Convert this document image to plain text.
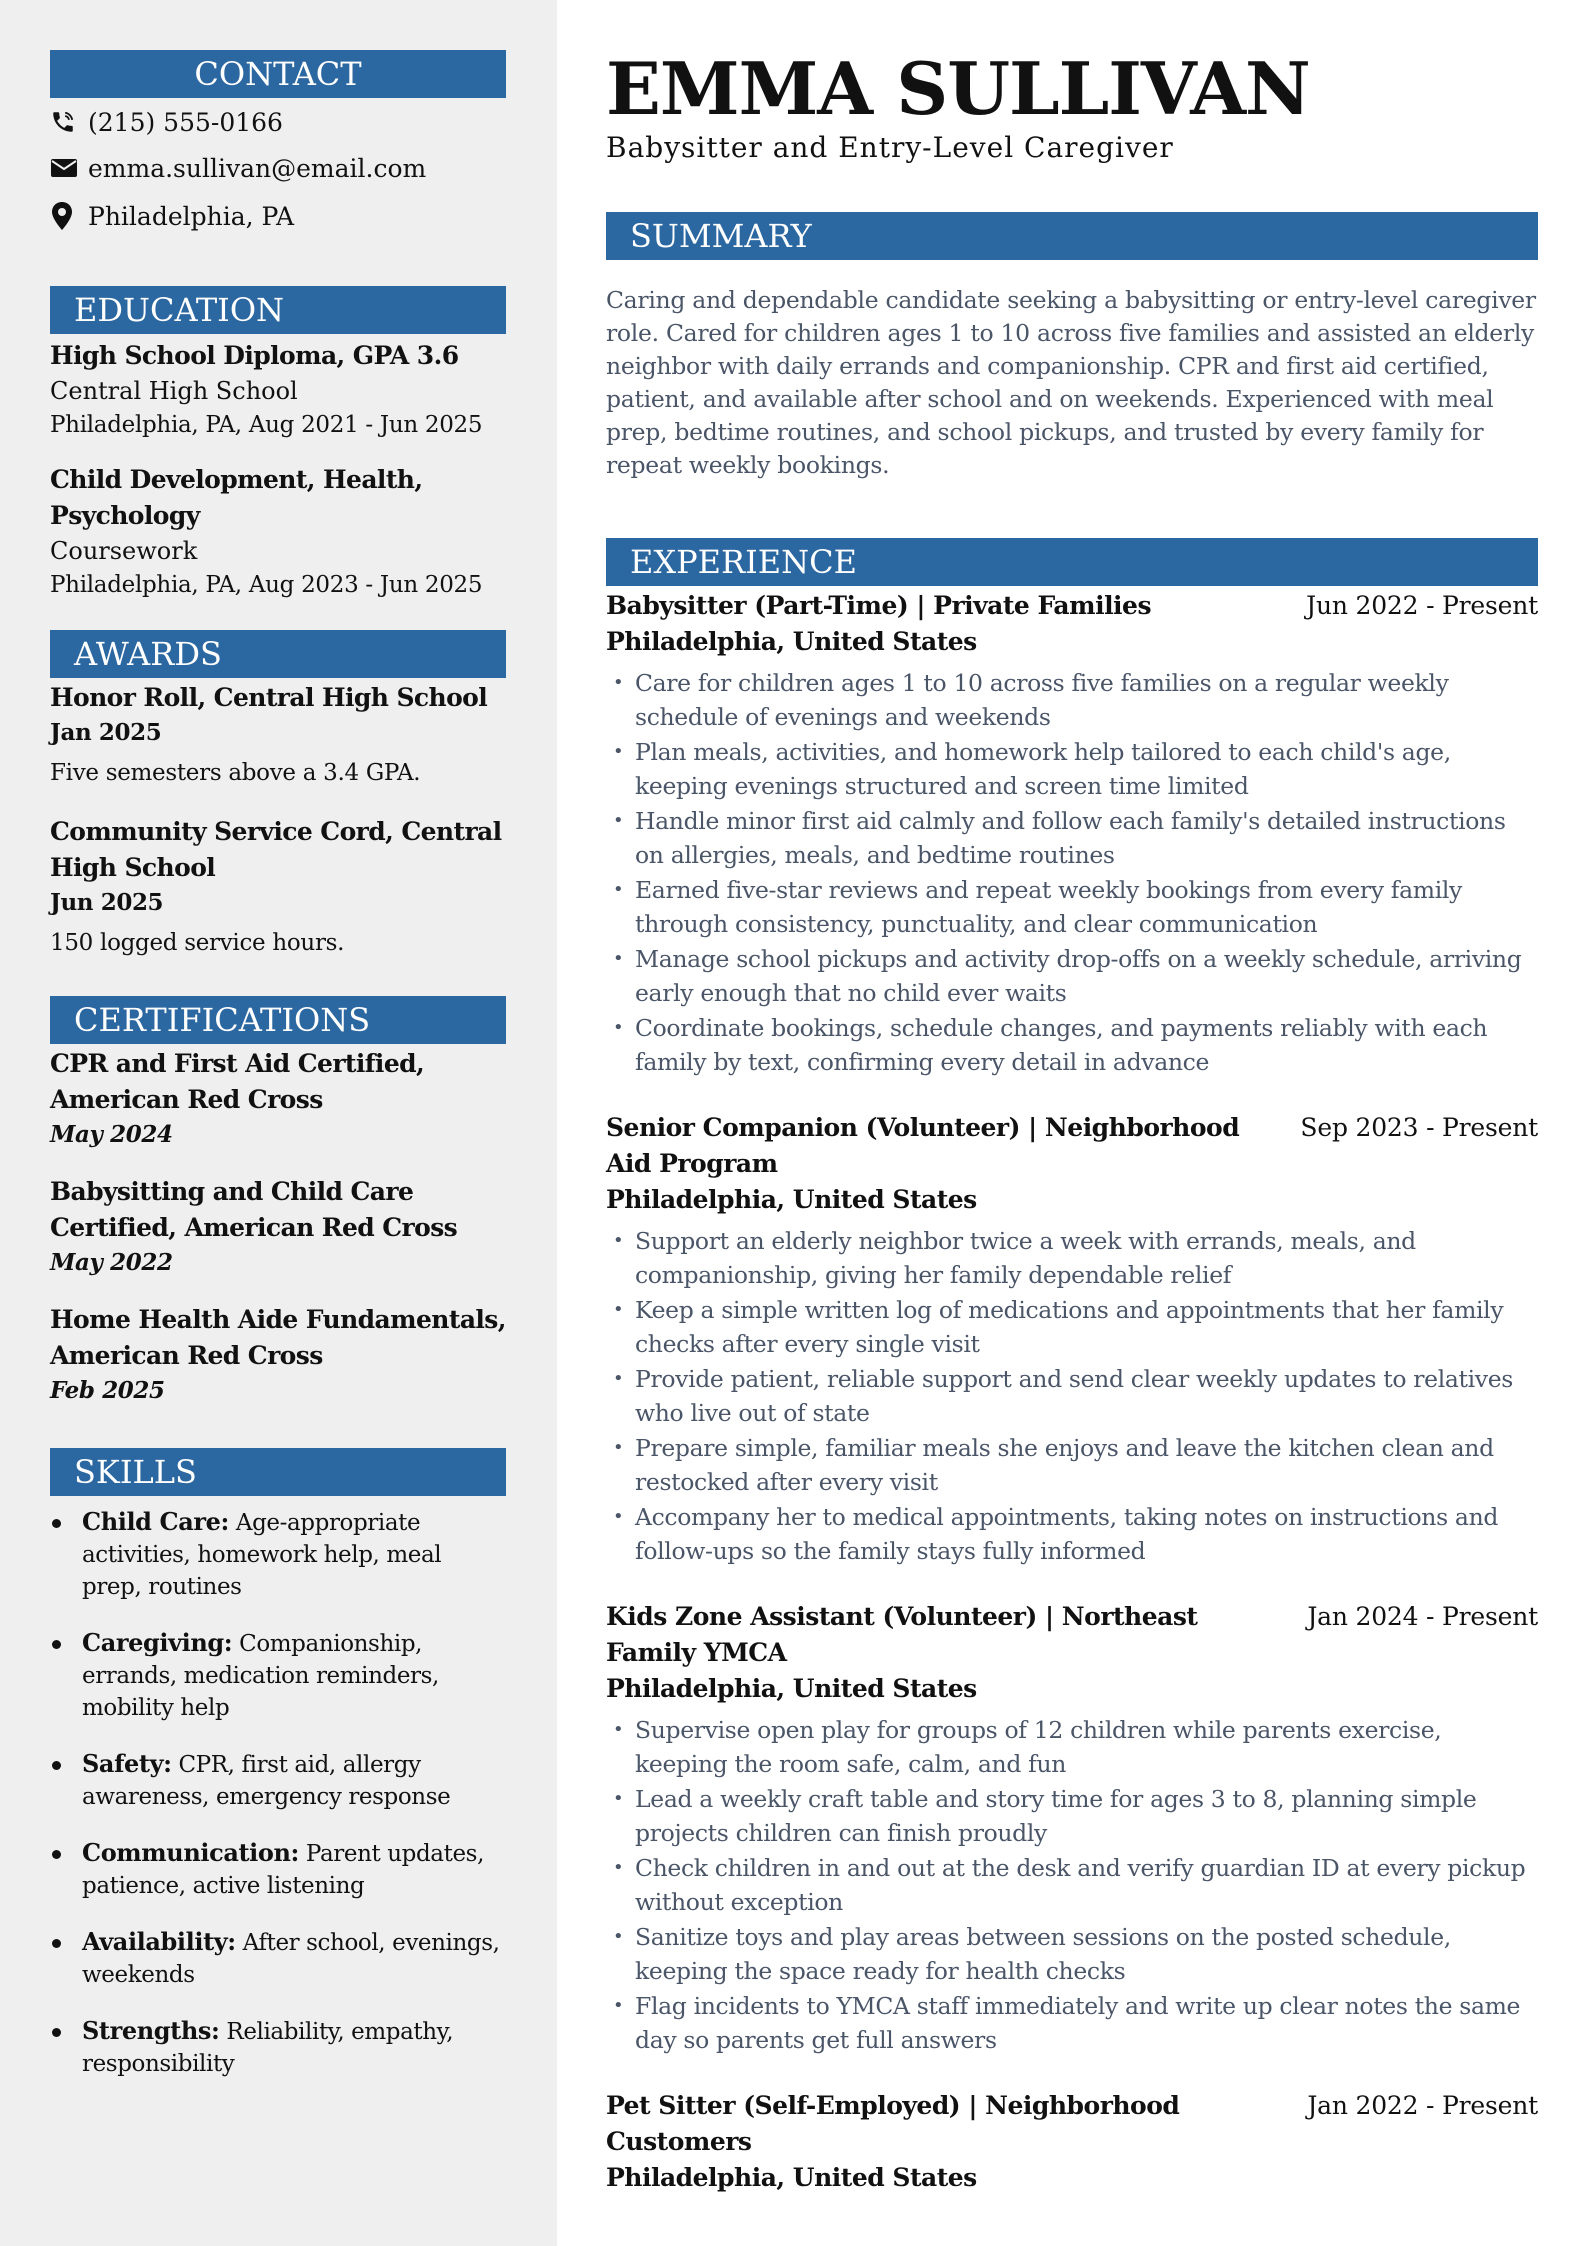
CONTACT
(215) 555-0166
emma.sullivan@email.com
Philadelphia, PA
EDUCATION
High School Diploma, GPA 3.6
Central High School
Philadelphia, PA, Aug 2021 - Jun 2025
Child Development, Health, Psychology
Coursework
Philadelphia, PA, Aug 2023 - Jun 2025
AWARDS
Honor Roll, Central High School
Jan 2025
Five semesters above a 3.4 GPA.
Community Service Cord, Central High School
Jun 2025
150 logged service hours.
CERTIFICATIONS
CPR and First Aid Certified, American Red Cross
May 2024
Babysitting and Child Care Certified, American Red Cross
May 2022
Home Health Aide Fundamentals, American Red Cross
Feb 2025
SKILLS
Child Care: Age-appropriate activities, homework help, meal prep, routines
Caregiving: Companionship, errands, medication reminders, mobility help
Safety: CPR, first aid, allergy awareness, emergency response
Communication: Parent updates, patience, active listening
Availability: After school, evenings, weekends
Strengths: Reliability, empathy, responsibility
EMMA SULLIVAN
Babysitter and Entry-Level Caregiver
SUMMARY
Caring and dependable candidate seeking a babysitting or entry-level caregiver role. Cared for children ages 1 to 10 across five families and assisted an elderly neighbor with daily errands and companionship. CPR and first aid certified, patient, and available after school and on weekends. Experienced with meal prep, bedtime routines, and school pickups, and trusted by every family for repeat weekly bookings.
EXPERIENCE
Babysitter (Part-Time) | Private Families	Jun 2022 - Present
Philadelphia, United States
• Care for children ages 1 to 10 across five families on a regular weekly schedule of evenings and weekends
• Plan meals, activities, and homework help tailored to each child's age, keeping evenings structured and screen time limited
• Handle minor first aid calmly and follow each family's detailed instructions on allergies, meals, and bedtime routines
• Earned five-star reviews and repeat weekly bookings from every family through consistency, punctuality, and clear communication
• Manage school pickups and activity drop-offs on a weekly schedule, arriving early enough that no child ever waits
• Coordinate bookings, schedule changes, and payments reliably with each family by text, confirming every detail in advance
Senior Companion (Volunteer) | Neighborhood Aid Program
Sep 2023 - Present
Philadelphia, United States
• Support an elderly neighbor twice a week with errands, meals, and companionship, giving her family dependable relief
• Keep a simple written log of medications and appointments that her family checks after every single visit
• Provide patient, reliable support and send clear weekly updates to relatives who live out of state
• Prepare simple, familiar meals she enjoys and leave the kitchen clean and restocked after every visit
• Accompany her to medical appointments, taking notes on instructions and follow-ups so the family stays fully informed
Kids Zone Assistant (Volunteer) | Northeast Family YMCA
Jan 2024 - Present
Philadelphia, United States
• Supervise open play for groups of 12 children while parents exercise, keeping the room safe, calm, and fun
• Lead a weekly craft table and story time for ages 3 to 8, planning simple projects children can finish proudly
• Check children in and out at the desk and verify guardian ID at every pickup without exception
• Sanitize toys and play areas between sessions on the posted schedule, keeping the space ready for health checks
• Flag incidents to YMCA staff immediately and write up clear notes the same day so parents get full answers
Pet Sitter (Self-Employed) | Neighborhood Customers
Jan 2022 - Present
Philadelphia, United States
